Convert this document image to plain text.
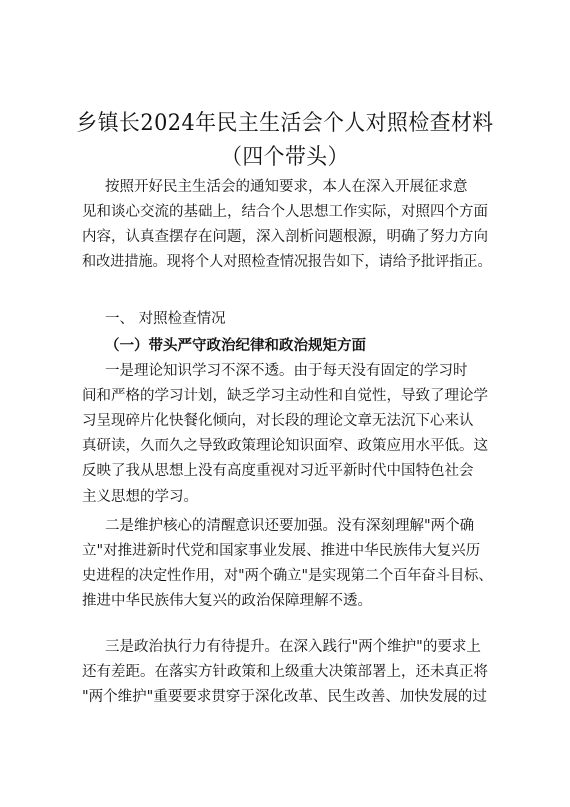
乡镇长2024年民主生活会个人对照检查材料
（四个带头）
按照开好民主生活会的通知要求，本人在深入开展征求意
见和谈心交流的基础上，结合个人思想工作实际，对照四个方面
内容，认真查摆存在问题，深入剖析问题根源，明确了努力方向
和改进措施。现将个人对照检查情况报告如下，请给予批评指正。
一、 对照检查情况
（一）带头严守政治纪律和政治规矩方面
一是理论知识学习不深不透。由于每天没有固定的学习时
间和严格的学习计划，缺乏学习主动性和自觉性，导致了理论学
习呈现碎片化快餐化倾向，对长段的理论文章无法沉下心来认
真研读，久而久之导致政策理论知识面窄、政策应用水平低。这
反映了我从思想上没有高度重视对习近平新时代中国特色社会
主义思想的学习。
二是维护核心的清醒意识还要加强。没有深刻理解"两个确
立"对推进新时代党和国家事业发展、推进中华民族伟大复兴历
史进程的决定性作用，对"两个确立"是实现第二个百年奋斗目标、
推进中华民族伟大复兴的政治保障理解不透。
三是政治执行力有待提升。在深入践行"两个维护"的要求上
还有差距。在落实方针政策和上级重大决策部署上，还未真正将
"两个维护"重要要求贯穿于深化改革、民生改善、加快发展的过
